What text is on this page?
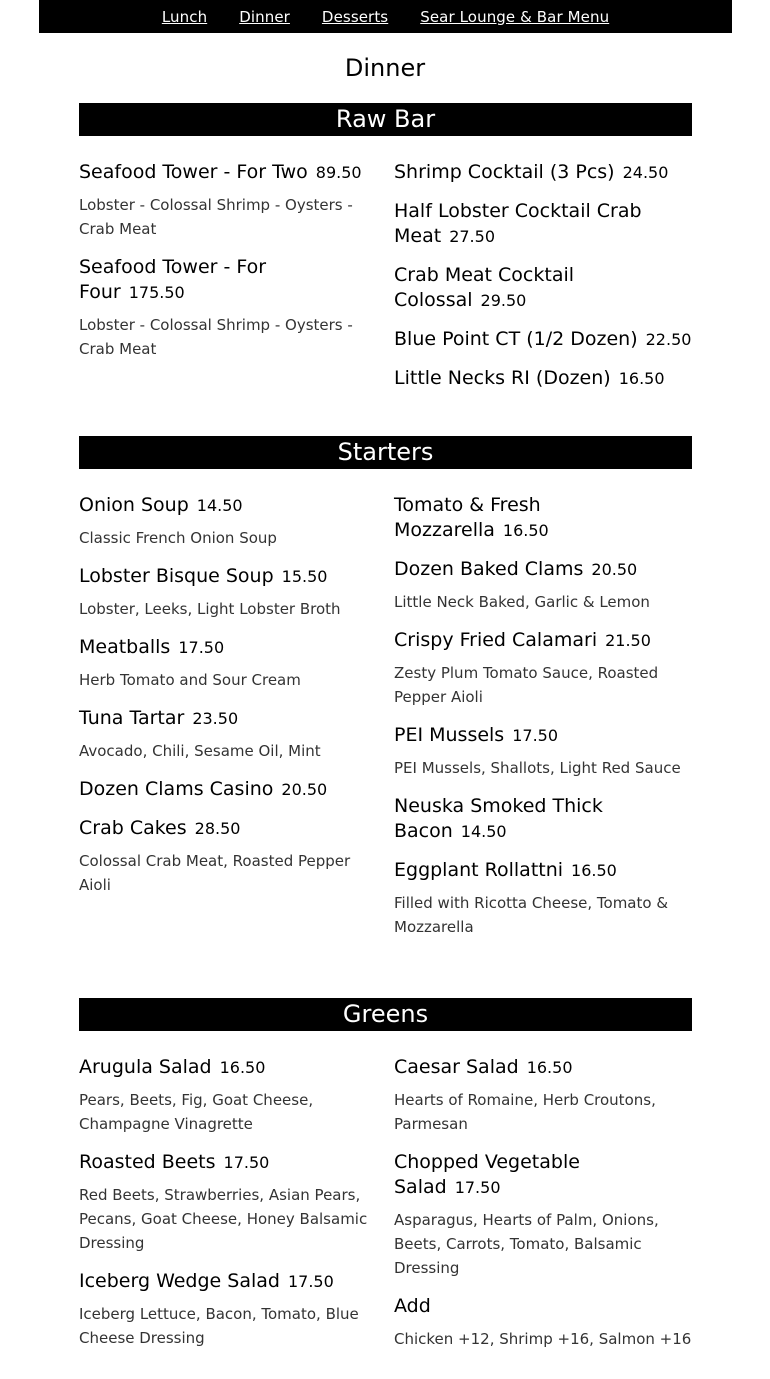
Lunch Dinner Desserts Sear Lounge & Bar Menu
Dinner
Raw Bar
Seafood Tower - For Two 89.50
Lobster - Colossal Shrimp - Oysters - Crab Meat
Seafood Tower - For Four 175.50
Lobster - Colossal Shrimp - Oysters - Crab Meat
Shrimp Cocktail (3 Pcs) 24.50
Half Lobster Cocktail Crab Meat 27.50
Crab Meat Cocktail Colossal 29.50
Blue Point CT (1/2 Dozen) 22.50
Little Necks RI (Dozen) 16.50
Starters
Onion Soup 14.50
Classic French Onion Soup
Lobster Bisque Soup 15.50
Lobster, Leeks, Light Lobster Broth
Meatballs 17.50
Herb Tomato and Sour Cream
Tuna Tartar 23.50
Avocado, Chili, Sesame Oil, Mint
Dozen Clams Casino 20.50
Crab Cakes 28.50
Colossal Crab Meat, Roasted Pepper Aioli
Tomato & Fresh Mozzarella 16.50
Dozen Baked Clams 20.50
Little Neck Baked, Garlic & Lemon
Crispy Fried Calamari 21.50
Zesty Plum Tomato Sauce, Roasted Pepper Aioli
PEI Mussels 17.50
PEI Mussels, Shallots, Light Red Sauce
Neuska Smoked Thick Bacon 14.50
Eggplant Rollattni 16.50
Filled with Ricotta Cheese, Tomato & Mozzarella
Greens
Arugula Salad 16.50
Pears, Beets, Fig, Goat Cheese, Champagne Vinagrette
Roasted Beets 17.50
Red Beets, Strawberries, Asian Pears, Pecans, Goat Cheese, Honey Balsamic Dressing
Iceberg Wedge Salad 17.50
Iceberg Lettuce, Bacon, Tomato, Blue Cheese Dressing
Caesar Salad 16.50
Hearts of Romaine, Herb Croutons, Parmesan
Chopped Vegetable Salad 17.50
Asparagus, Hearts of Palm, Onions, Beets, Carrots, Tomato, Balsamic Dressing
Add
Chicken +12, Shrimp +16, Salmon +16
